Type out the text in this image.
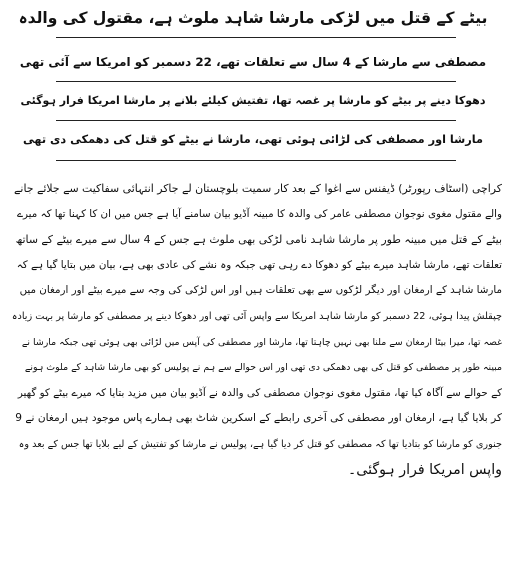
بیٹے کے قتل میں لڑکی مارشا شاہد ملوث ہے، مقتول کی والدہ
مصطفی سے مارشا کے 4 سال سے تعلقات تھے، 22 دسمبر کو امریکا سے آئی تھی
دھوکا دینے پر بیٹے کو مارشا پر غصہ تھا، تفتیش کیلئے بلانے پر مارشا امریکا فرار ہوگئی
مارشا اور مصطفی کی لڑائی ہوئی تھی، مارشا نے بیٹے کو قتل کی دھمکی دی تھی
کراچی (اسٹاف رپورٹر) ڈیفنس سے اغوا کے بعد کار سمیت بلوچستان لے جاکر انتہائی سفاکیت سے جلائے جانے
والے مقتول مغوی نوجوان مصطفی عامر کی والدہ کا مبینہ آڈیو بیان سامنے آیا ہے جس میں ان کا کہنا تھا کہ میرے
بیٹے کے قتل میں مبینہ طور پر مارشا شاہد نامی لڑکی بھی ملوث ہے جس کے 4 سال سے میرے بیٹے کے ساتھ
تعلقات تھے، مارشا شاہد میرے بیٹے کو دھوکا دے رہی تھی جبکہ وہ نشے کی عادی بھی ہے، بیان میں بتایا گیا ہے کہ
مارشا شاہد کے ارمغان اور دیگر لڑکوں سے بھی تعلقات ہیں اور اس لڑکی کی وجہ سے میرے بیٹے اور ارمغان میں
چپقلش پیدا ہوئی، 22 دسمبر کو مارشا شاہد امریکا سے واپس آئی تھی اور دھوکا دینے پر مصطفی کو مارشا پر بہت زیادہ
غصہ تھا، میرا بیٹا ارمغان سے ملنا بھی نہیں چاہتا تھا، مارشا اور مصطفی کی آپس میں لڑائی بھی ہوئی تھی جبکہ مارشا نے
مبینہ طور پر مصطفی کو قتل کی بھی دھمکی دی تھی اور اس حوالے سے ہم نے پولیس کو بھی مارشا شاہد کے ملوث ہونے
کے حوالے سے آگاہ کیا تھا، مقتول مغوی نوجوان مصطفی کی والدہ نے آڈیو بیان میں مزید بتایا کہ میرے بیٹے کو گھیر
کر بلایا گیا ہے، ارمغان اور مصطفی کی آخری رابطے کے اسکرین شاٹ بھی ہمارے پاس موجود ہیں ارمغان نے 9
جنوری کو مارشا کو بتادیا تھا کہ مصطفی کو قتل کر دیا گیا ہے، پولیس نے مارشا کو تفتیش کے لیے بلایا تھا جس کے بعد وہ
واپس امریکا فرار ہوگئی۔
